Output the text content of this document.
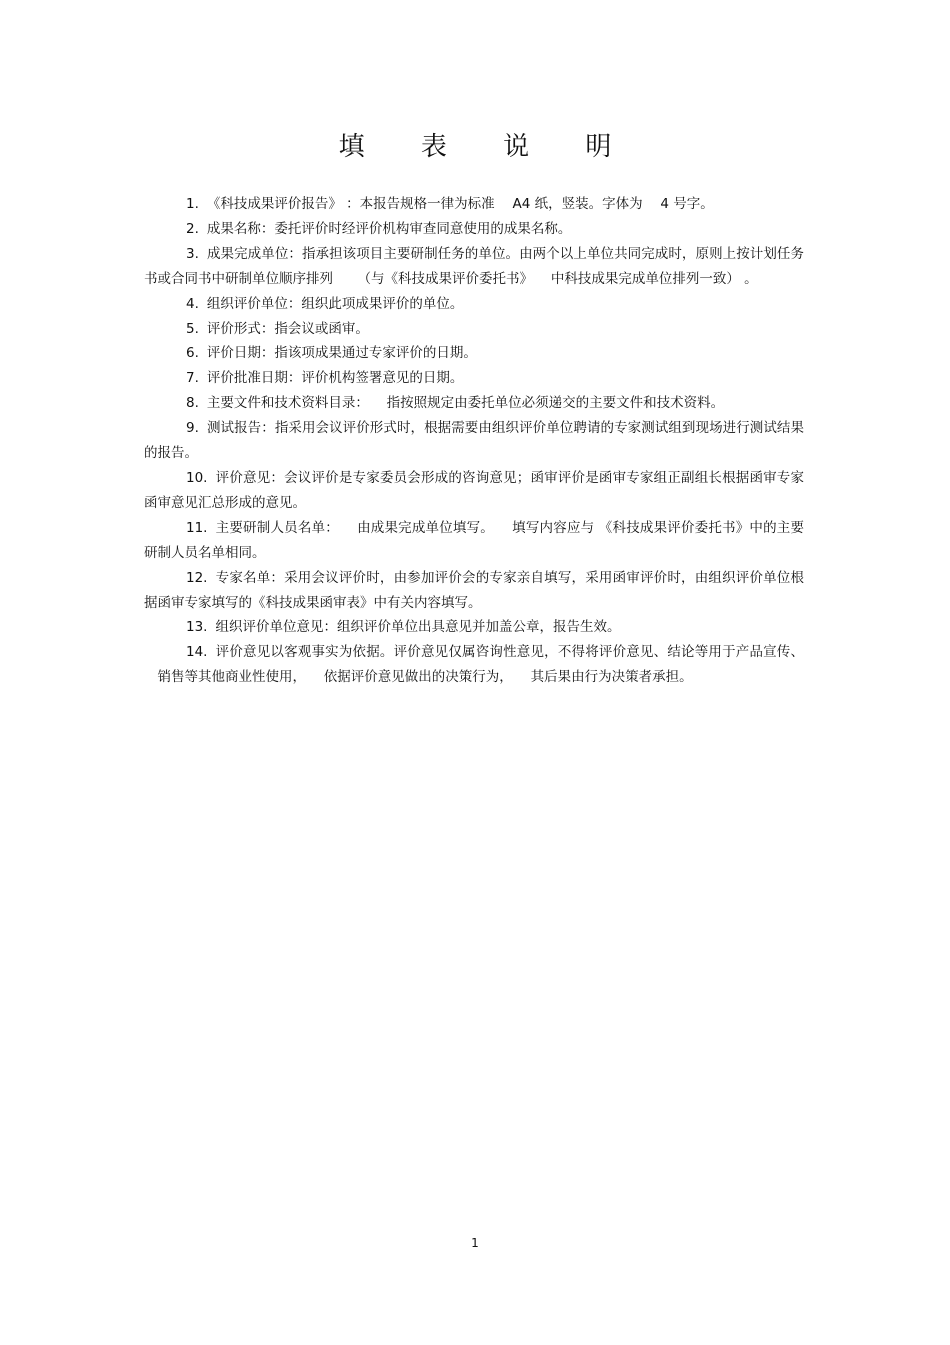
填 表 说 明

1. 《科技成果评价报告》 ：本报告规格一律为标准 　A4 纸，竖装。字体为 　4 号字。

2. 成果名称：委托评价时经评价机构审查同意使用的成果名称。

3. 成果完成单位：指承担该项目主要研制任务的单位。由两个以上单位共同完成时，原则上按计划任务书或合同书中研制单位顺序排列 　　（与《科技成果评价委托书》 　中科技成果完成单位排列一致） 。

4. 组织评价单位：组织此项成果评价的单位。

5. 评价形式：指会议或函审。

6. 评价日期：指该项成果通过专家评价的日期。

7. 评价批准日期：评价机构签署意见的日期。

8. 主要文件和技术资料目录： 　指按照规定由委托单位必须递交的主要文件和技术资料。

9. 测试报告：指采用会议评价形式时，根据需要由组织评价单位聘请的专家测试组到现场进行测试结果的报告。

10. 评价意见：会议评价是专家委员会形成的咨询意见；函审评价是函审专家组正副组长根据函审专家函审意见汇总形成的意见。

11. 主要研制人员名单： 　由成果完成单位填写。 　填写内容应与 《科技成果评价委托书》中的主要研制人员名单相同。

12. 专家名单：采用会议评价时，由参加评价会的专家亲自填写，采用函审评价时，由组织评价单位根据函审专家填写的《科技成果函审表》中有关内容填写。

13. 组织评价单位意见：组织评价单位出具意见并加盖公章，报告生效。

14. 评价意见以客观事实为依据。评价意见仅属咨询性意见，不得将评价意见、结论等用于产品宣传、 　销售等其他商业性使用， 　依据评价意见做出的决策行为， 　其后果由行为决策者承担。

1
